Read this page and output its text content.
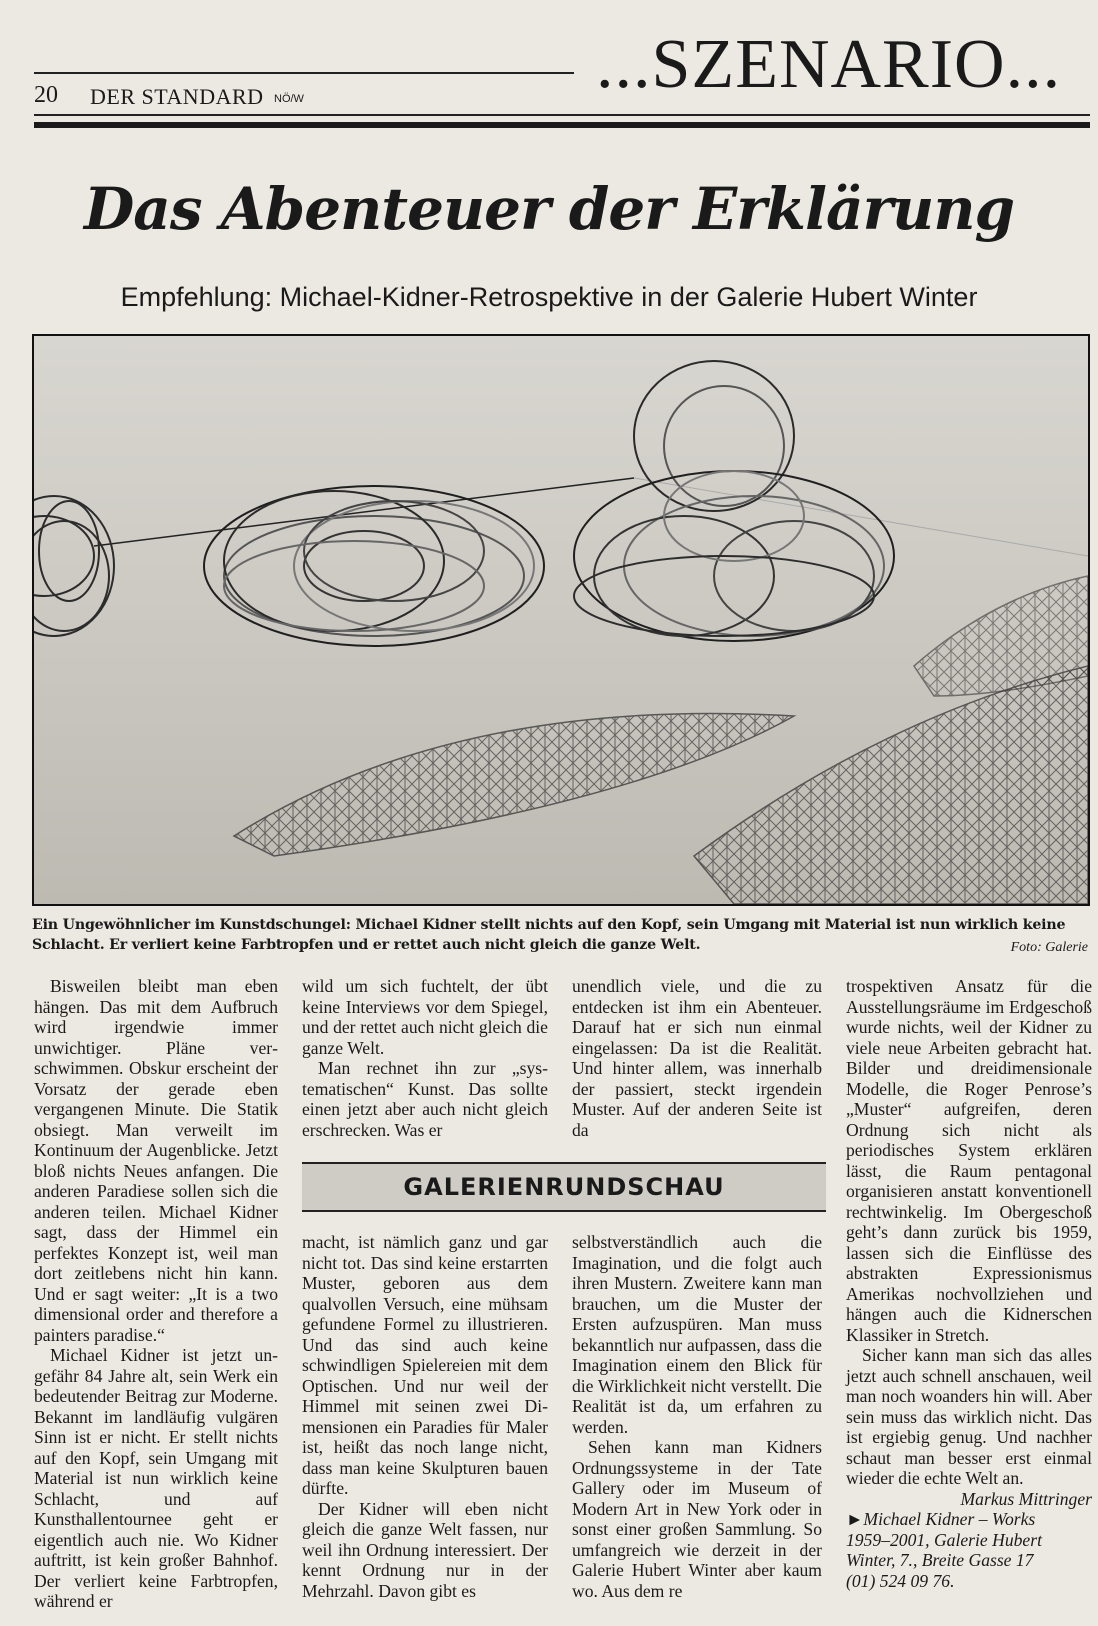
20 DER STANDARD NÖ/W	...SZENARIO...
Das Abenteuer der Erklärung
Empfehlung: Michael-Kidner-Retrospektive in der Galerie Hubert Winter
Ein Ungewöhnlicher im Kunstdschungel: Michael Kidner stellt nichts auf den Kopf, sein Umgang mit Material ist nun wirklich keine Schlacht. Er verliert keine Farbtropfen und er rettet auch nicht gleich die ganze Welt.	Foto: Galerie

Bisweilen bleibt man eben hängen. Das mit dem Aufbruch wird irgendwie immer unwichtiger. Pläne verschwimmen. Obskur erscheint der Vorsatz der gerade eben vergangenen Minute. Die Statik obsiegt. Man verweilt im Kontinuum der Augenblicke. Jetzt bloß nichts Neues anfangen. Die anderen Paradiese sollen sich die anderen teilen. Michael Kidner sagt, dass der Himmel ein perfektes Konzept ist, weil man dort zeitlebens nicht hin kann. Und er sagt weiter: „It is a two dimensional order and therefore a painters paradise.“

Michael Kidner ist jetzt ungefähr 84 Jahre alt, sein Werk ein bedeutender Beitrag zur Moderne. Bekannt im landläufig vulgären Sinn ist er nicht. Er stellt nichts auf den Kopf, sein Umgang mit Material ist nun wirklich keine Schlacht, und auf Kunsthallentournee geht er eigentlich auch nie. Wo Kidner auftritt, ist kein großer Bahnhof. Der verliert keine Farbtropfen, während er

wild um sich fuchtelt, der übt keine Interviews vor dem Spiegel, und der rettet auch nicht gleich die ganze Welt.

Man rechnet ihn zur „systematischen“ Kunst. Das sollte einen jetzt aber auch nicht gleich erschrecken. Was er

unendlich viele, und die zu entdecken ist ihm ein Abenteuer. Darauf hat er sich nun einmal eingelassen: Da ist die Realität. Und hinter allem, was innerhalb der passiert, steckt irgendein Muster. Auf der anderen Seite ist da

GALERIENRUNDSCHAU

macht, ist nämlich ganz und gar nicht tot. Das sind keine erstarrten Muster, geboren aus dem qualvollen Versuch, eine mühsam gefundene Formel zu illustrieren. Und das sind auch keine schwindligen Spielereien mit dem Optischen. Und nur weil der Himmel mit seinen zwei Dimensionen ein Paradies für Maler ist, heißt das noch lange nicht, dass man keine Skulpturen bauen dürfte.

Der Kidner will eben nicht gleich die ganze Welt fassen, nur weil ihn Ordnung interessiert. Der kennt Ordnung nur in der Mehrzahl. Davon gibt es

selbstverständlich auch die Imagination, und die folgt auch ihren Mustern. Zweitere kann man brauchen, um die Muster der Ersten aufzuspüren. Man muss bekanntlich nur aufpassen, dass die Imagination einem den Blick für die Wirklichkeit nicht verstellt. Die Realität ist da, um erfahren zu werden.

Sehen kann man Kidners Ordnungssysteme in der Tate Gallery oder im Museum of Modern Art in New York oder in sonst einer großen Sammlung. So umfangreich wie derzeit in der Galerie Hubert Winter aber kaum wo. Aus dem re

trospektiven Ansatz für die Ausstellungsräume im Erdgeschoß wurde nichts, weil der Kidner zu viele neue Arbeiten gebracht hat. Bilder und dreidimensionale Modelle, die Roger Penrose’s „Muster“ aufgreifen, deren Ordnung sich nicht als periodisches System erklären lässt, die Raum pentagonal organisieren anstatt konventionell rechtwinkelig. Im Obergeschoß geht’s dann zurück bis 1959, lassen sich die Einflüsse des abstrakten Expressionismus Amerikas nochvollziehen und hängen auch die Kidnerschen Klassiker in Stretch.

Sicher kann man sich das alles jetzt auch schnell anschauen, weil man noch woanders hin will. Aber sein muss das wirklich nicht. Das ist ergiebig genug. Und nachher schaut man besser erst einmal wieder die echte Welt an.

Markus Mittringer
►Michael Kidner – Works
1959–2001, Galerie Hubert
Winter, 7., Breite Gasse 17
(01) 524 09 76.
